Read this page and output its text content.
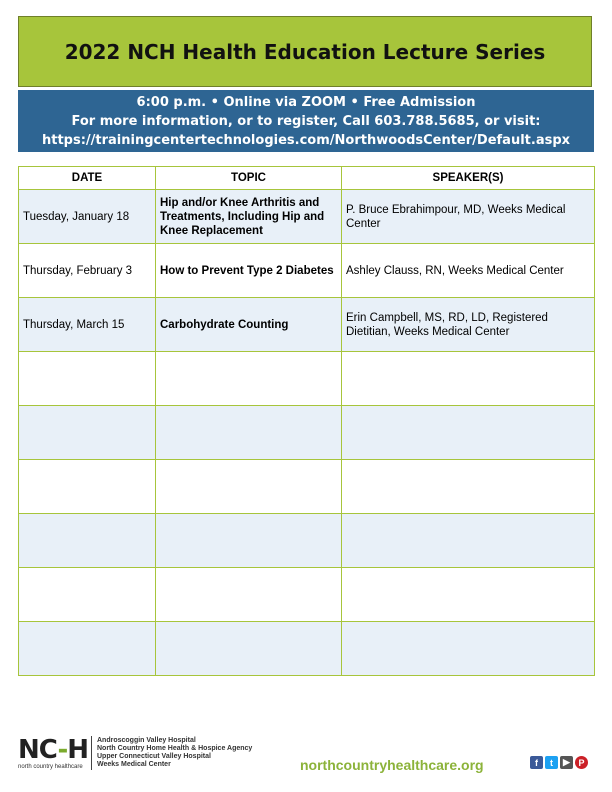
2022 NCH Health Education Lecture Series
6:00 p.m. • Online via ZOOM • Free Admission
For more information, or to register, Call 603.788.5685, or visit:
https://trainingcentertechnologies.com/NorthwoodsCenter/Default.aspx
DATE	TOPIC	SPEAKER(S)
Tuesday, January 18	Hip and/or Knee Arthritis and Treatments, Including Hip and Knee Replacement	P. Bruce Ebrahimpour, MD, Weeks Medical Center
Thursday, February 3	How to Prevent Type 2 Diabetes	Ashley Clauss, RN, Weeks Medical Center
Thursday, March 15	Carbohydrate Counting	Erin Campbell, MS, RD, LD, Registered Dietitian, Weeks Medical Center

NC-H
north country healthcare
Androscoggin Valley Hospital
North Country Home Health & Hospice Agency
Upper Connecticut Valley Hospital
Weeks Medical Center	northcountryhealthcare.org	f	t	▶ P
